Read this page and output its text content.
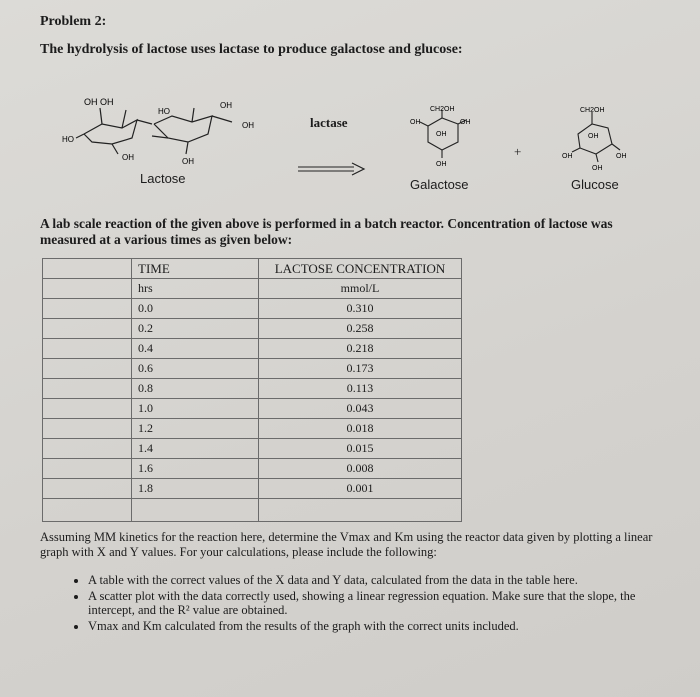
Problem 2:
The hydrolysis of lactose uses lactase to produce galactose and glucose:
OH OH
HO
HO
OH
OH
OH	OH
Lactose
lactase
CH2OH
OH	OH
OH
OH
Galactose
+
CH2OH
OH
OH	OH
OH
Glucose
A lab scale reaction of the given above is performed in a batch reactor. Concentration of lactose was measured at a various times as given below:
	TIME	LACTOSE CONCENTRATION
	hrs	mmol/L
	0.0	0.310
	0.2	0.258
	0.4	0.218
	0.6	0.173
	0.8	0.113
	1.0	0.043
	1.2	0.018
	1.4	0.015
	1.6	0.008
	1.8	0.001

Assuming MM kinetics for the reaction here, determine the Vmax and Km using the reactor data given by plotting a linear graph with X and Y values. For your calculations, please include the following:
• A table with the correct values of the X data and Y data, calculated from the data in the table here.
• A scatter plot with the data correctly used, showing a linear regression equation. Make sure that the slope, the intercept, and the R² value are obtained.
• Vmax and Km calculated from the results of the graph with the correct units included.
